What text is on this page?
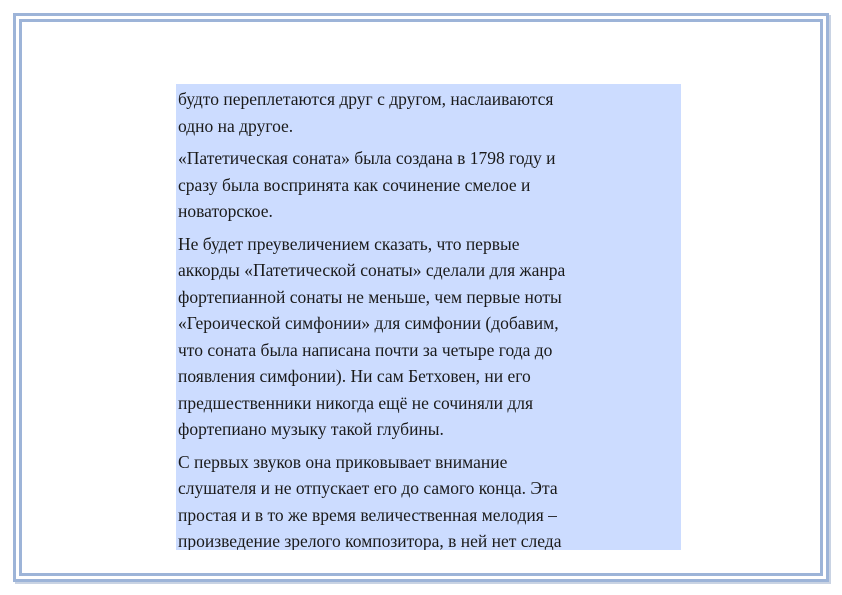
будто переплетаются друг с другом, наслаиваются
одно на другое.

«Патетическая соната» была создана в 1798 году и
сразу была воспринята как сочинение смелое и
новаторское.

Не будет преувеличением сказать, что первые
аккорды «Патетической сонаты» сделали для жанра
фортепианной сонаты не меньше, чем первые ноты
«Героической симфонии» для симфонии (добавим,
что соната была написана почти за четыре года до
появления симфонии). Ни сам Бетховен, ни его
предшественники никогда ещё не сочиняли для
фортепиано музыку такой глубины.

С первых звуков она приковывает внимание
слушателя и не отпускает его до самого конца. Эта
простая и в то же время величественная мелодия –
произведение зрелого композитора, в ней нет следа
